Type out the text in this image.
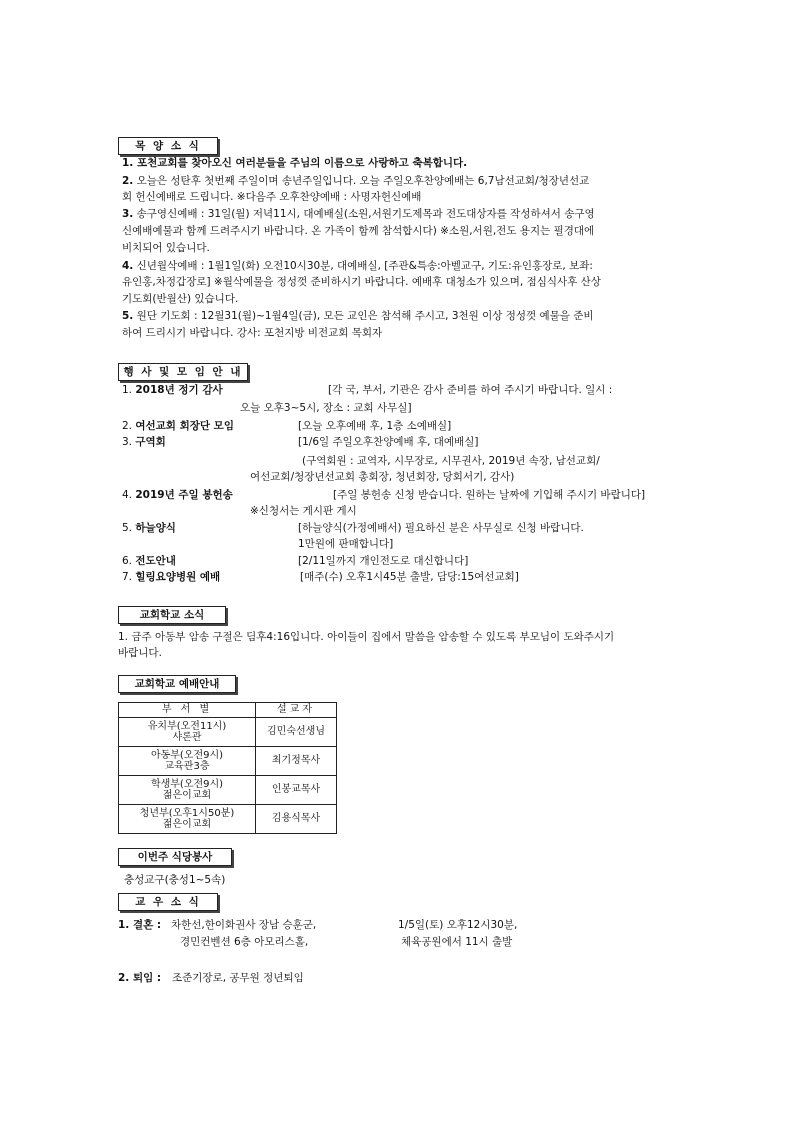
목 양 소 식
1. 포천교회를 찾아오신 여러분들을 주님의 이름으로 사랑하고 축복합니다.
2. 오늘은 성탄후 첫번째 주일이며 송년주일입니다. 오늘 주일오후찬양예배는 6,7남선교회/청장년선교
회 헌신예배로 드립니다. ※다음주 오후찬양예배 : 사명자헌신예배
3. 송구영신예배 : 31일(월) 저녁11시, 대예배실(소원,서원기도제목과 전도대상자를 작성하셔서 송구영
신예배예물과 함께 드려주시기 바랍니다. 온 가족이 함께 참석합시다) ※소원,서원,전도 용지는 필경대에
비치되어 있습니다.
4. 신년월삭예배 : 1월1일(화) 오전10시30분, 대예배실, [주관&특송:아벨교구, 기도:유인홍장로, 보좌:
유인홍,차정갑장로] ※월삭예물을 정성껏 준비하시기 바랍니다. 예배후 대청소가 있으며, 점심식사후 산상
기도회(반월산) 있습니다.
5. 원단 기도회 : 12월31(월)~1월4일(금), 모든 교인은 참석해 주시고, 3천원 이상 정성껏 예물을 준비
하여 드리시기 바랍니다. 강사: 포천지방 비전교회 목회자
행 사 및 모 임 안 내
1. 2018년 정기 감사	[각 국, 부서, 기관은 감사 준비를 하여 주시기 바랍니다. 일시 :
오늘 오후3~5시, 장소 : 교회 사무실]
2. 여선교회 회장단 모임	[오늘 오후예배 후, 1층 소예배실]
3. 구역회	[1/6일 주일오후찬양예배 후, 대예배실]
(구역회원 : 교역자, 시무장로, 시무권사, 2019년 속장, 남선교회/
여선교회/청장년선교회 총회장, 청년회장, 당회서기, 감사)
4. 2019년 주일 봉헌송	[주일 봉헌송 신청 받습니다. 원하는 날짜에 기입해 주시기 바랍니다]
※신청서는 게시판 게시
5. 하늘양식	[하늘양식(가정예배서) 필요하신 분은 사무실로 신청 바랍니다.
1만원에 판매합니다]
6. 전도안내	[2/11일까지 개인전도로 대신합니다]
7. 힐링요양병원 예배	[매주(수) 오후1시45분 출발, 담당:15여선교회]
교회학교 소식
1. 금주 아동부 암송 구절은 딤후4:16입니다. 아이들이 집에서 말씀을 암송할 수 있도록 부모님이 도와주시기
바랍니다.
교회학교 예배안내
부 서 별	설교자
유치부(오전11시)
샤론관	김민숙선생님
아동부(오전9시)
교육관3층	최기정목사
학생부(오전9시)
젊은이교회	인봉교목사
청년부(오후1시50분)
젊은이교회	김용식목사
이번주 식당봉사
충성교구(충성1~5속)
교 우 소 식
1. 결혼 : 차한선,한이화권사 장남 승훈군,	1/5일(토) 오후12시30분,
경민컨벤션 6층 아모리스홀,	체육공원에서 11시 출발
2. 퇴임 : 조준기장로, 공무원 정년퇴임
